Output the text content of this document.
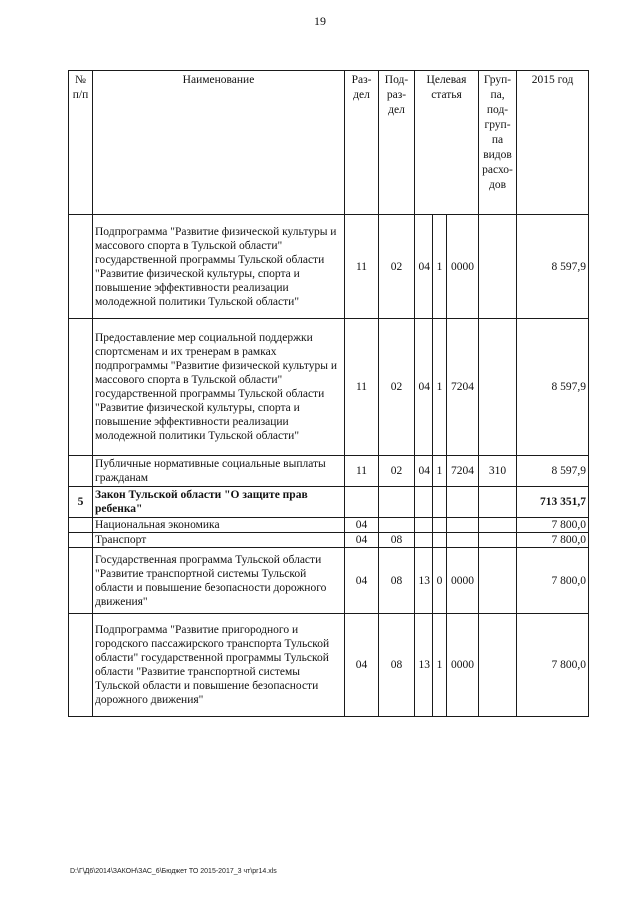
19
№ п/п	Наименование	Раз-дел	Под-раз-дел	Целевая статья			Груп-па, под-груп-па видов расхо-дов	2015 год
	Подпрограмма "Развитие физической культуры и массового спорта в Тульской области" государственной программы Тульской области "Развитие физической культуры, спорта и повышение эффективности реализации молодежной политики Тульской области"	11	02	04	1	0000		8 597,9
	Предоставление мер социальной поддержки спортсменам и их тренерам в рамках подпрограммы "Развитие физической культуры и массового спорта в Тульской области" государственной программы Тульской области "Развитие физической культуры, спорта и повышение эффективности реализации молодежной политики Тульской области"	11	02	04	1	7204		8 597,9
	Публичные нормативные социальные выплаты гражданам	11	02	04	1	7204	310	8 597,9
5	Закон Тульской области "О защите прав ребенка"							713 351,7
	Национальная экономика	04						7 800,0
	Транспорт	04	08					7 800,0
	Государственная программа Тульской области "Развитие транспортной системы Тульской области и повышение безопасности дорожного движения"	04	08	13	0	0000		7 800,0
	Подпрограмма "Развитие пригородного и городского пассажирского транспорта Тульской области" государственной программы Тульской области "Развитие транспортной системы Тульской области и повышение безопасности дорожного движения"	04	08	13	1	0000		7 800,0
D:\Г\Д6\2014\ЗАКОН\ЗАС_6\Бюджет ТО 2015-2017_3 чт\pr14.xls
